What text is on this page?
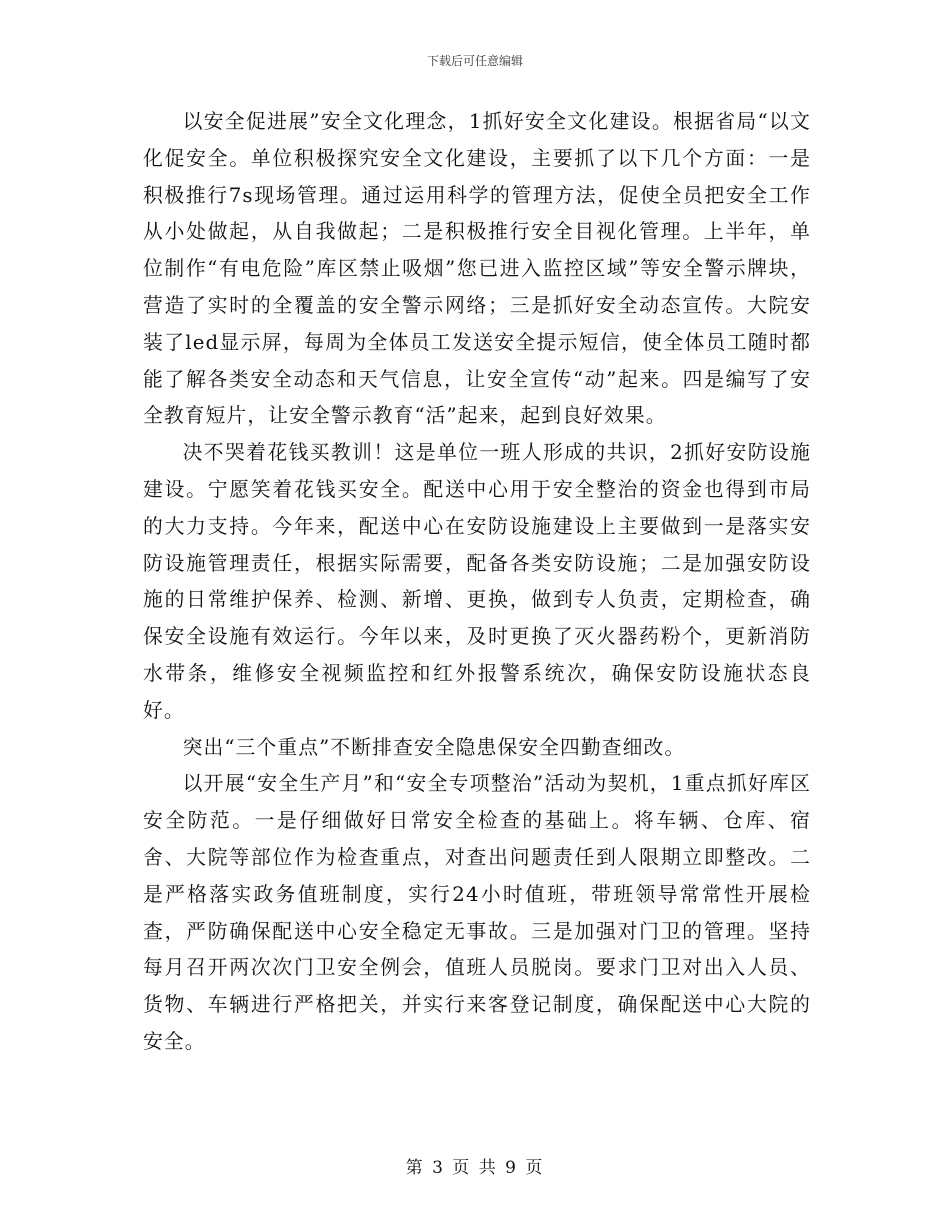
下载后可任意编辑

以安全促进展”安全文化理念，1抓好安全文化建设。根据省局“以文化促安全。单位积极探究安全文化建设，主要抓了以下几个方面：一是积极推行7s现场管理。通过运用科学的管理方法，促使全员把安全工作从小处做起，从自我做起；二是积极推行安全目视化管理。上半年，单位制作“有电危险”库区禁止吸烟”您已进入监控区域”等安全警示牌块，营造了实时的全覆盖的安全警示网络；三是抓好安全动态宣传。大院安装了led显示屏，每周为全体员工发送安全提示短信，使全体员工随时都能了解各类安全动态和天气信息，让安全宣传“动”起来。四是编写了安全教育短片，让安全警示教育“活”起来，起到良好效果。

决不哭着花钱买教训！这是单位一班人形成的共识，2抓好安防设施建设。宁愿笑着花钱买安全。配送中心用于安全整治的资金也得到市局的大力支持。今年来，配送中心在安防设施建设上主要做到一是落实安防设施管理责任，根据实际需要，配备各类安防设施；二是加强安防设施的日常维护保养、检测、新增、更换，做到专人负责，定期检查，确保安全设施有效运行。今年以来，及时更换了灭火器药粉个，更新消防水带条，维修安全视频监控和红外报警系统次，确保安防设施状态良好。

突出“三个重点”不断排查安全隐患保安全四勤查细改。

以开展“安全生产月”和“安全专项整治”活动为契机，1重点抓好库区安全防范。一是仔细做好日常安全检查的基础上。将车辆、仓库、宿舍、大院等部位作为检查重点，对查出问题责任到人限期立即整改。二是严格落实政务值班制度，实行24小时值班，带班领导常常性开展检查，严防确保配送中心安全稳定无事故。三是加强对门卫的管理。坚持每月召开两次次门卫安全例会，值班人员脱岗。要求门卫对出入人员、货物、车辆进行严格把关，并实行来客登记制度，确保配送中心大院的安全。

第 3 页 共 9 页
